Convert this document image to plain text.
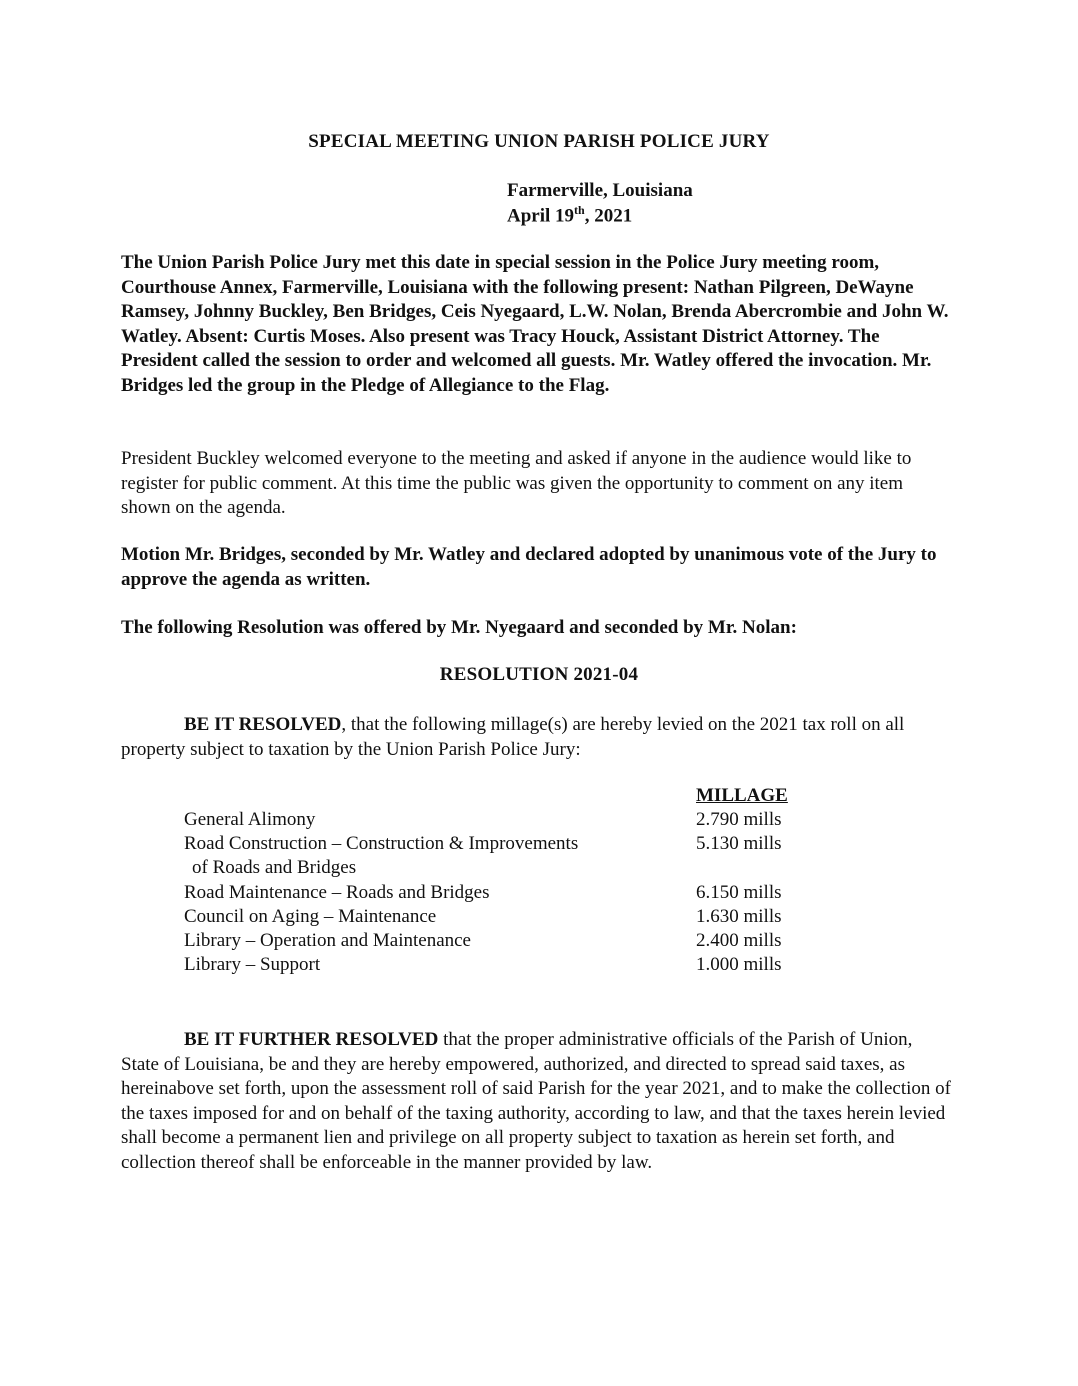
SPECIAL MEETING UNION PARISH POLICE JURY
Farmerville, Louisiana
April 19th, 2021

The Union Parish Police Jury met this date in special session in the Police Jury meeting room, Courthouse Annex, Farmerville, Louisiana with the following present: Nathan Pilgreen, DeWayne Ramsey, Johnny Buckley, Ben Bridges, Ceis Nyegaard, L.W. Nolan, Brenda Abercrombie and John W. Watley. Absent: Curtis Moses. Also present was Tracy Houck, Assistant District Attorney. The President called the session to order and welcomed all guests. Mr. Watley offered the invocation. Mr. Bridges led the group in the Pledge of Allegiance to the Flag.

President Buckley welcomed everyone to the meeting and asked if anyone in the audience would like to register for public comment. At this time the public was given the opportunity to comment on any item shown on the agenda.

Motion Mr. Bridges, seconded by Mr. Watley and declared adopted by unanimous vote of the Jury to approve the agenda as written.

The following Resolution was offered by Mr. Nyegaard and seconded by Mr. Nolan:

RESOLUTION 2021-04

BE IT RESOLVED, that the following millage(s) are hereby levied on the 2021 tax roll on all property subject to taxation by the Union Parish Police Jury:

MILLAGE
General Alimony	2.790 mills
Road Construction – Construction & Improvements	5.130 mills
of Roads and Bridges
Road Maintenance – Roads and Bridges	6.150 mills
Council on Aging – Maintenance	1.630 mills
Library – Operation and Maintenance	2.400 mills
Library – Support	1.000 mills

BE IT FURTHER RESOLVED that the proper administrative officials of the Parish of Union, State of Louisiana, be and they are hereby empowered, authorized, and directed to spread said taxes, as hereinabove set forth, upon the assessment roll of said Parish for the year 2021, and to make the collection of the taxes imposed for and on behalf of the taxing authority, according to law, and that the taxes herein levied shall become a permanent lien and privilege on all property subject to taxation as herein set forth, and collection thereof shall be enforceable in the manner provided by law.
